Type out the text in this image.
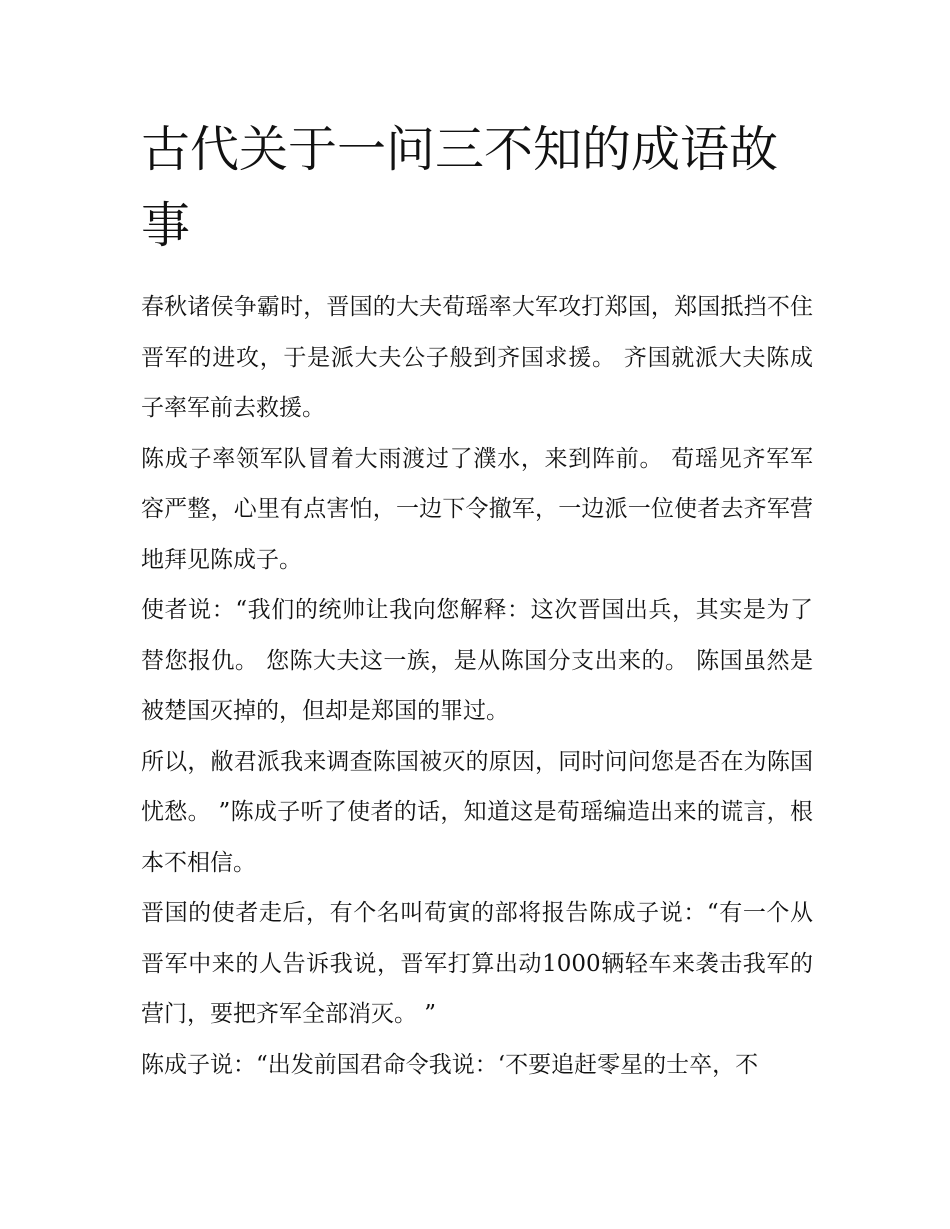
古代关于一问三不知的成语故事

春秋诸侯争霸时，晋国的大夫荀瑶率大军攻打郑国，郑国抵挡不住晋军的进攻，于是派大夫公子般到齐国求援。 齐国就派大夫陈成子率军前去救援。

陈成子率领军队冒着大雨渡过了濮水，来到阵前。 荀瑶见齐军军容严整，心里有点害怕，一边下令撤军，一边派一位使者去齐军营地拜见陈成子。

使者说：“我们的统帅让我向您解释：这次晋国出兵，其实是为了替您报仇。 您陈大夫这一族，是从陈国分支出来的。 陈国虽然是被楚国灭掉的，但却是郑国的罪过。

所以，敝君派我来调查陈国被灭的原因，同时问问您是否在为陈国忧愁。 ”陈成子听了使者的话，知道这是荀瑶编造出来的谎言，根本不相信。

晋国的使者走后，有个名叫荀寅的部将报告陈成子说：“有一个从晋军中来的人告诉我说，晋军打算出动1000辆轻车来袭击我军的营门，要把齐军全部消灭。 ”

陈成子说：“出发前国君命令我说：‘不要追赶零星的士卒，不
